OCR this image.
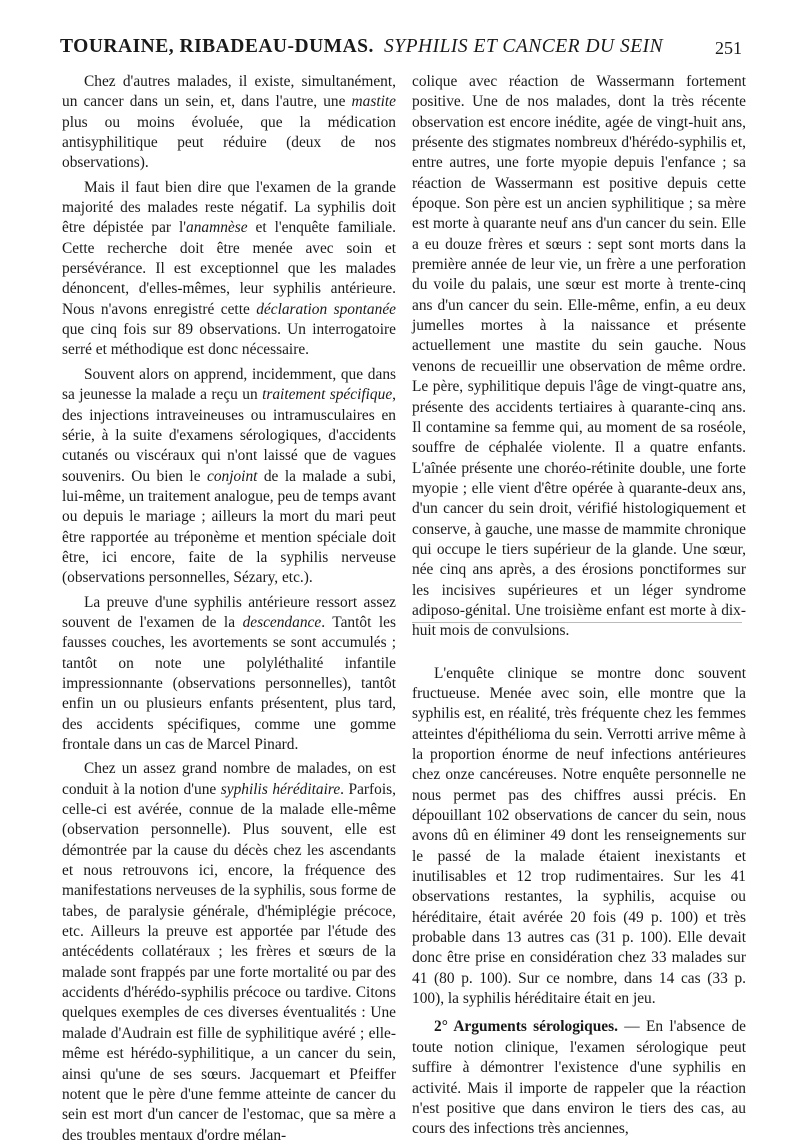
TOURAINE, RIBADEAU-DUMAS. SYPHILIS ET CANCER DU SEIN	251

Chez d'autres malades, il existe, simultanément, un cancer dans un sein, et, dans l'autre, une mastite plus ou moins évoluée, que la médication antisyphilitique peut réduire (deux de nos observations).

Mais il faut bien dire que l'examen de la grande majorité des malades reste négatif. La syphilis doit être dépistée par l'anamnèse et l'enquête familiale. Cette recherche doit être menée avec soin et persévérance. Il est exceptionnel que les malades dénoncent, d'elles-mêmes, leur syphilis antérieure. Nous n'avons enregistré cette déclaration spontanée que cinq fois sur 89 observations. Un interrogatoire serré et méthodique est donc nécessaire.

Souvent alors on apprend, incidemment, que dans sa jeunesse la malade a reçu un traitement spécifique, des injections intraveineuses ou intramusculaires en série, à la suite d'examens sérologiques, d'accidents cutanés ou viscéraux qui n'ont laissé que de vagues souvenirs. Ou bien le conjoint de la malade a subi, lui-même, un traitement analogue, peu de temps avant ou depuis le mariage ; ailleurs la mort du mari peut être rapportée au tréponème et mention spéciale doit être, ici encore, faite de la syphilis nerveuse (observations personnelles, Sézary, etc.).

La preuve d'une syphilis antérieure ressort assez souvent de l'examen de la descendance. Tantôt les fausses couches, les avortements se sont accumulés ; tantôt on note une polyléthalité infantile impressionnante (observations personnelles), tantôt enfin un ou plusieurs enfants présentent, plus tard, des accidents spécifiques, comme une gomme frontale dans un cas de Marcel Pinard.

Chez un assez grand nombre de malades, on est conduit à la notion d'une syphilis héréditaire. Parfois, celle-ci est avérée, connue de la malade elle-même (observation personnelle). Plus souvent, elle est démontrée par la cause du décès chez les ascendants et nous retrouvons ici, encore, la fréquence des manifestations nerveuses de la syphilis, sous forme de tabes, de paralysie générale, d'hémiplégie précoce, etc. Ailleurs la preuve est apportée par l'étude des antécédents collatéraux ; les frères et sœurs de la malade sont frappés par une forte mortalité ou par des accidents d'hérédo-syphilis précoce ou tardive. Citons quelques exemples de ces diverses éventualités : Une malade d'Audrain est fille de syphilitique avéré ; elle-même est hérédo-syphilitique, a un cancer du sein, ainsi qu'une de ses sœurs. Jacquemart et Pfeiffer notent que le père d'une femme atteinte de cancer du sein est mort d'un cancer de l'estomac, que sa mère a des troubles mentaux d'ordre mélan-

colique avec réaction de Wassermann fortement positive. Une de nos malades, dont la très récente observation est encore inédite, agée de vingt-huit ans, présente des stigmates nombreux d'hérédo-syphilis et, entre autres, une forte myopie depuis l'enfance ; sa réaction de Wassermann est positive depuis cette époque. Son père est un ancien syphilitique ; sa mère est morte à quarante neuf ans d'un cancer du sein. Elle a eu douze frères et sœurs : sept sont morts dans la première année de leur vie, un frère a une perforation du voile du palais, une sœur est morte à trente-cinq ans d'un cancer du sein. Elle-même, enfin, a eu deux jumelles mortes à la naissance et présente actuellement une mastite du sein gauche. Nous venons de recueillir une observation de même ordre. Le père, syphilitique depuis l'âge de vingt-quatre ans, présente des accidents tertiaires à quarante-cinq ans. Il contamine sa femme qui, au moment de sa roséole, souffre de céphalée violente. Il a quatre enfants. L'aînée présente une choréo-rétinite double, une forte myopie ; elle vient d'être opérée à quarante-deux ans, d'un cancer du sein droit, vérifié histologiquement et conserve, à gauche, une masse de mammite chronique qui occupe le tiers supérieur de la glande. Une sœur, née cinq ans après, a des érosions ponctiformes sur les incisives supérieures et un léger syndrome adiposo-génital. Une troisième enfant est morte à dix-huit mois de convulsions.

L'enquête clinique se montre donc souvent fructueuse. Menée avec soin, elle montre que la syphilis est, en réalité, très fréquente chez les femmes atteintes d'épithélioma du sein. Verrotti arrive même à la proportion énorme de neuf infections antérieures chez onze cancéreuses. Notre enquête personnelle ne nous permet pas des chiffres aussi précis. En dépouillant 102 observations de cancer du sein, nous avons dû en éliminer 49 dont les renseignements sur le passé de la malade étaient inexistants et inutilisables et 12 trop rudimentaires. Sur les 41 observations restantes, la syphilis, acquise ou héréditaire, était avérée 20 fois (49 p. 100) et très probable dans 13 autres cas (31 p. 100). Elle devait donc être prise en considération chez 33 malades sur 41 (80 p. 100). Sur ce nombre, dans 14 cas (33 p. 100), la syphilis héréditaire était en jeu.

2° Arguments sérologiques. — En l'absence de toute notion clinique, l'examen sérologique peut suffire à démontrer l'existence d'une syphilis en activité. Mais il importe de rappeler que la réaction n'est positive que dans environ le tiers des cas, au cours des infections très anciennes,
